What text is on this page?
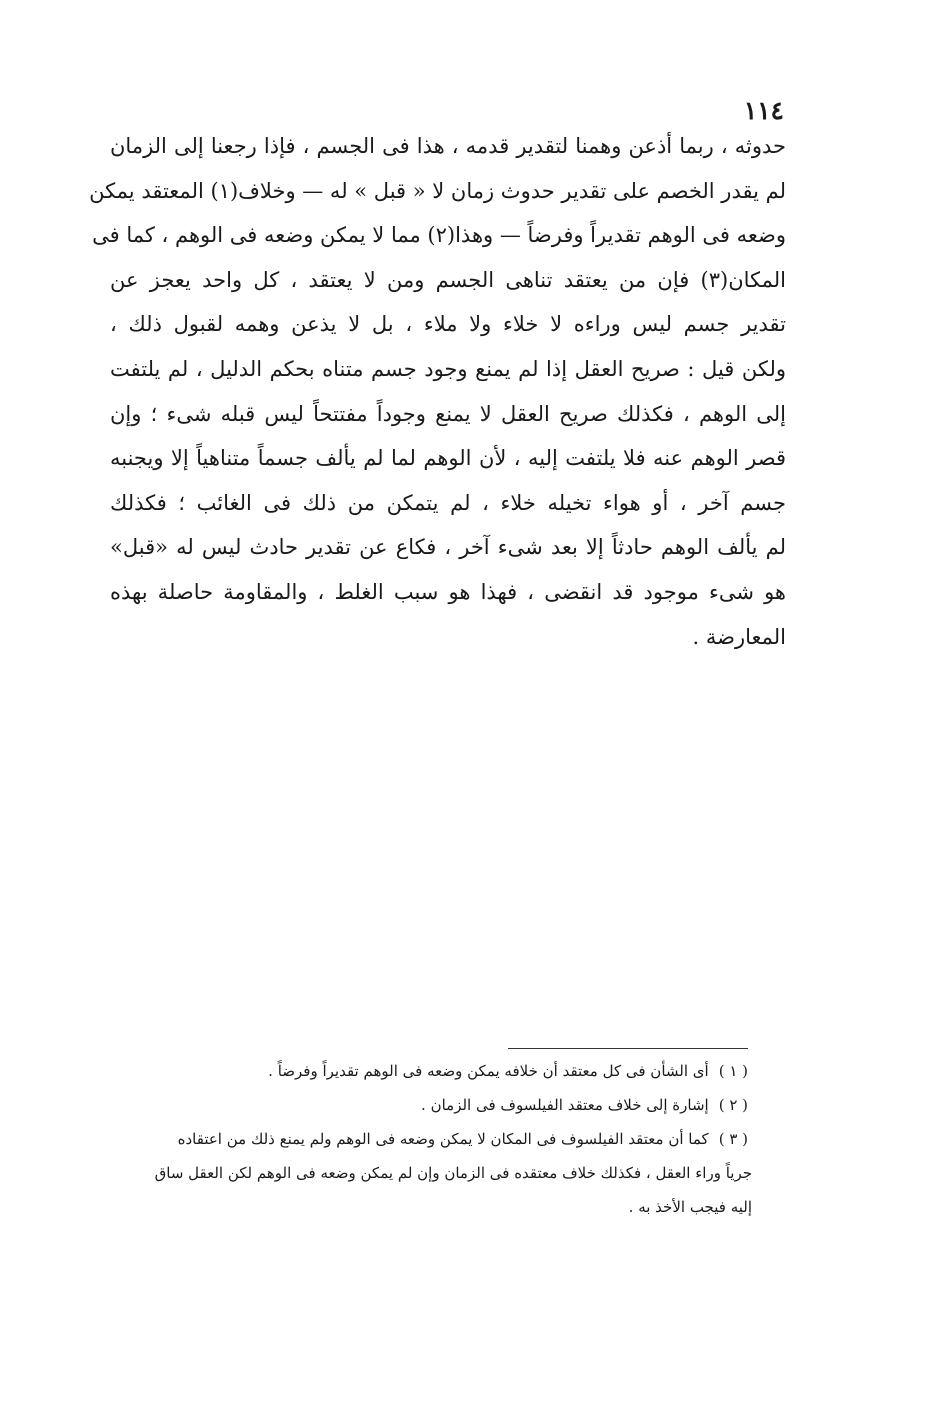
١١٤
حدوثه ، ربما أذعن وهمنا لتقدير قدمه ، هذا فى الجسم ، فإذا رجعنا إلى الزمان
لم يقدر الخصم على تقدير حدوث زمان لا « قبل » له — وخلاف(١) المعتقد يمكن
وضعه فى الوهم تقديراً وفرضاً — وهذا(٢) مما لا يمكن وضعه فى الوهم ، كما فى
المكان(٣) فإن من يعتقد تناهى الجسم ومن لا يعتقد ، كل واحد يعجز عن
تقدير جسم ليس وراءه لا خلاء ولا ملاء ، بل لا يذعن وهمه لقبول ذلك ،
ولكن قيل : صريح العقل إذا لم يمنع وجود جسم متناه بحكم الدليل ، لم يلتفت
إلى الوهم ، فكذلك صريح العقل لا يمنع وجوداً مفتتحاً ليس قبله شىء ؛ وإن
قصر الوهم عنه فلا يلتفت إليه ، لأن الوهم لما لم يألف جسماً متناهياً إلا ويجنبه
جسم آخر ، أو هواء تخيله خلاء ، لم يتمكن من ذلك فى الغائب ؛ فكذلك
لم يألف الوهم حادثاً إلا بعد شىء آخر ، فكاع عن تقدير حادث ليس له «قبل»
هو شىء موجود قد انقضى ، فهذا هو سبب الغلط ، والمقاومة حاصلة بهذه
المعارضة .
( ١ )أى الشأن فى كل معتقد أن خلافه يمكن وضعه فى الوهم تقديراً وفرضاً .
( ٢ )إشارة إلى خلاف معتقد الفيلسوف فى الزمان .
( ٣ )كما أن معتقد الفيلسوف فى المكان لا يمكن وضعه فى الوهم ولم يمنع ذلك من اعتقاده
جرياً وراء العقل ، فكذلك خلاف معتقده فى الزمان وإن لم يمكن وضعه فى الوهم لكن العقل ساق
إليه فيجب الأخذ به .
